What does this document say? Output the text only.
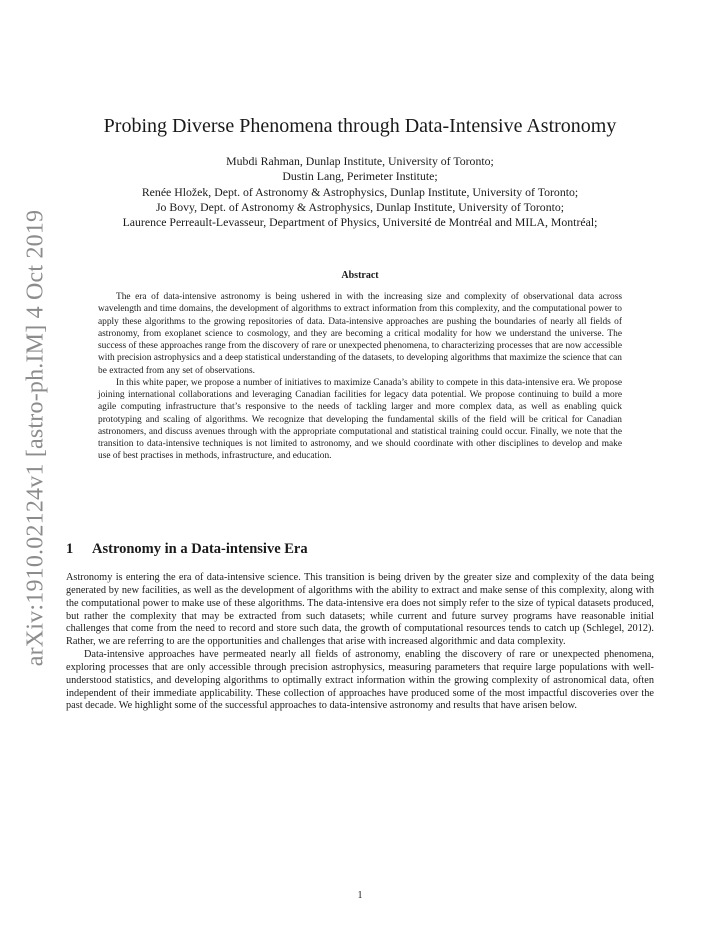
arXiv:1910.02124v1 [astro-ph.IM] 4 Oct 2019
Probing Diverse Phenomena through Data-Intensive Astronomy
Mubdi Rahman, Dunlap Institute, University of Toronto;
Dustin Lang, Perimeter Institute;
Renée Hložek, Dept. of Astronomy & Astrophysics, Dunlap Institute, University of Toronto;
Jo Bovy, Dept. of Astronomy & Astrophysics, Dunlap Institute, University of Toronto;
Laurence Perreault-Levasseur, Department of Physics, Université de Montréal and MILA, Montréal;
Abstract

The era of data-intensive astronomy is being ushered in with the increasing size and complexity of observational data across wavelength and time domains, the development of algorithms to extract information from this complexity, and the computational power to apply these algorithms to the growing repositories of data. Data-intensive approaches are pushing the boundaries of nearly all fields of astronomy, from exoplanet science to cosmology, and they are becoming a critical modality for how we understand the universe. The success of these approaches range from the discovery of rare or unexpected phenomena, to characterizing processes that are now accessible with precision astrophysics and a deep statistical understanding of the datasets, to developing algorithms that maximize the science that can be extracted from any set of observations.

In this white paper, we propose a number of initiatives to maximize Canada’s ability to compete in this data-intensive era. We propose joining international collaborations and leveraging Canadian facilities for legacy data potential. We propose continuing to build a more agile computing infrastructure that’s responsive to the needs of tackling larger and more complex data, as well as enabling quick prototyping and scaling of algorithms. We recognize that developing the fundamental skills of the field will be critical for Canadian astronomers, and discuss avenues through with the appropriate computational and statistical training could occur. Finally, we note that the transition to data-intensive techniques is not limited to astronomy, and we should coordinate with other disciplines to develop and make use of best practises in methods, infrastructure, and education.

1 Astronomy in a Data-intensive Era

Astronomy is entering the era of data-intensive science. This transition is being driven by the greater size and complexity of the data being generated by new facilities, as well as the development of algorithms with the ability to extract and make sense of this complexity, along with the computational power to make use of these algorithms. The data-intensive era does not simply refer to the size of typical datasets produced, but rather the complexity that may be extracted from such datasets; while current and future survey programs have reasonable initial challenges that come from the need to record and store such data, the growth of computational resources tends to catch up (Schlegel, 2012). Rather, we are referring to are the opportunities and challenges that arise with increased algorithmic and data complexity.

Data-intensive approaches have permeated nearly all fields of astronomy, enabling the discovery of rare or unexpected phenomena, exploring processes that are only accessible through precision astrophysics, measuring parameters that require large populations with well-understood statistics, and developing algorithms to optimally extract information within the growing complexity of astronomical data, often independent of their immediate applicability. These collection of approaches have produced some of the most impactful discoveries over the past decade. We highlight some of the successful approaches to data-intensive astronomy and results that have arisen below.

1
